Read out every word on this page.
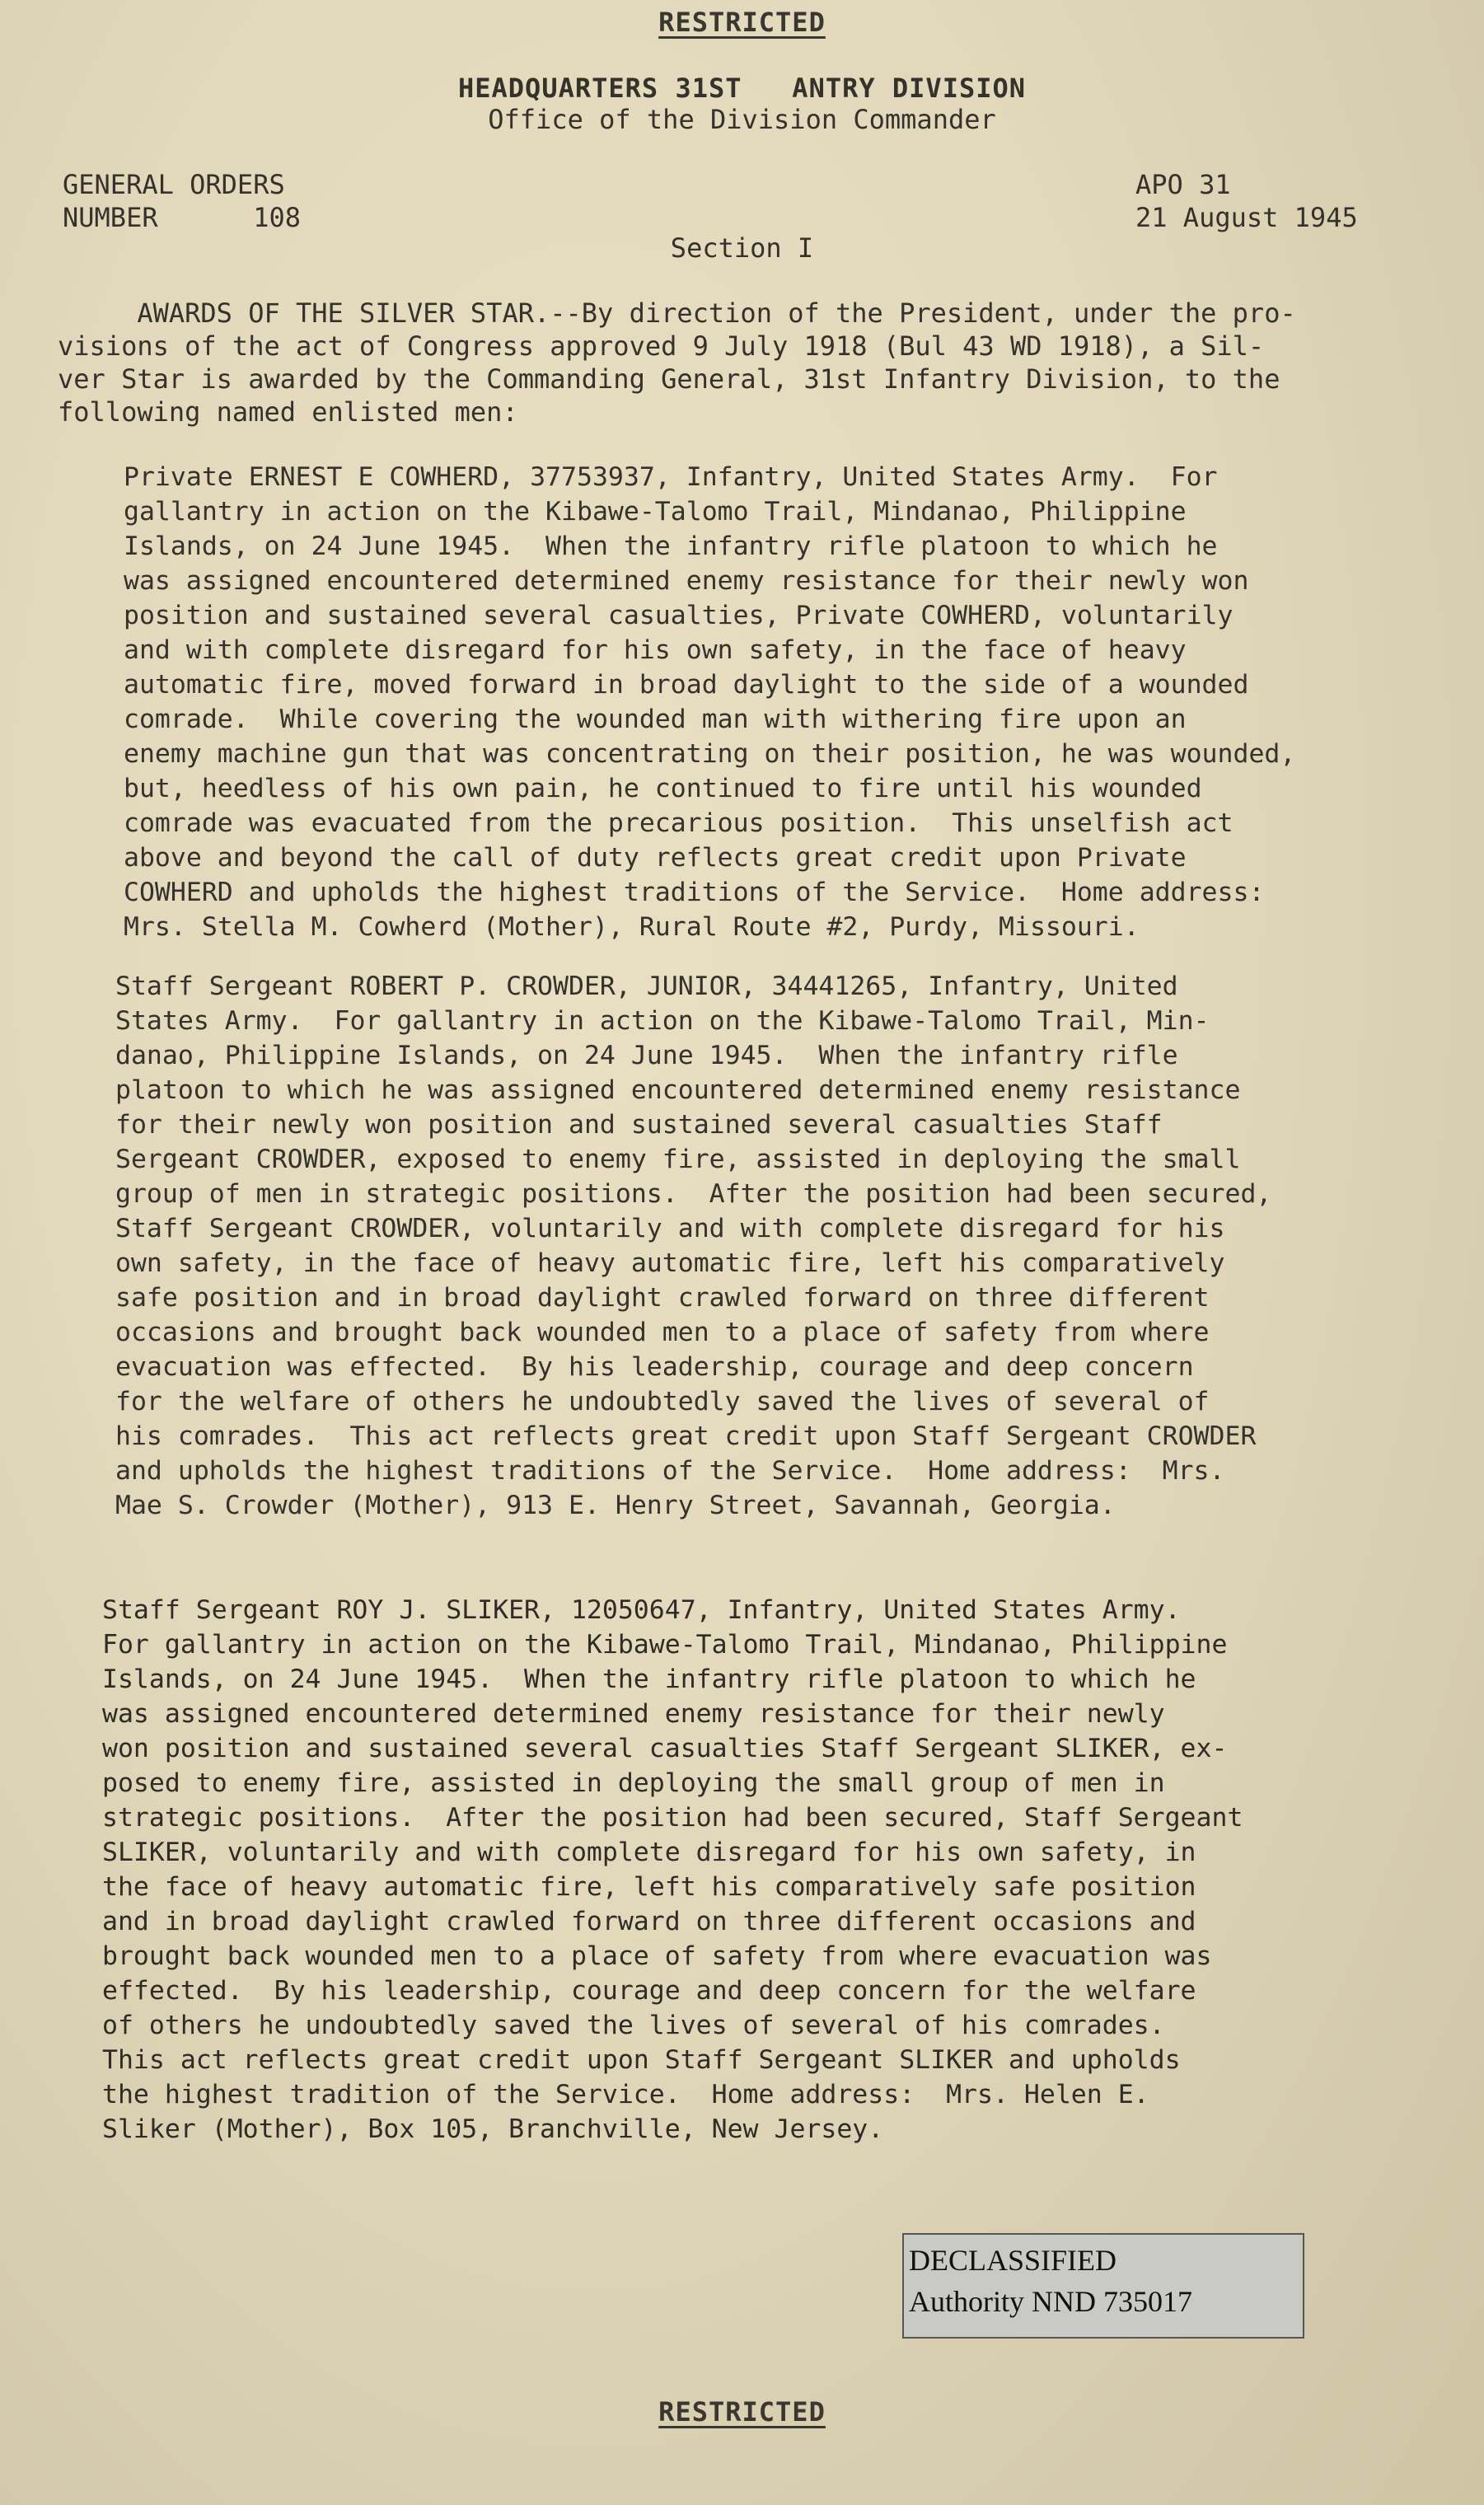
RESTRICTED
HEADQUARTERS 31ST   ANTRY DIVISION
Office of the Division Commander
GENERAL ORDERS
NUMBER      108
APO 31
21 August 1945
Section I
AWARDS OF THE SILVER STAR.--By direction of the President, under the pro-
visions of the act of Congress approved 9 July 1918 (Bul 43 WD 1918), a Sil-
ver Star is awarded by the Commanding General, 31st Infantry Division, to the
following named enlisted men:
Private ERNEST E COWHERD, 37753937, Infantry, United States Army.  For
gallantry in action on the Kibawe-Talomo Trail, Mindanao, Philippine
Islands, on 24 June 1945.  When the infantry rifle platoon to which he
was assigned encountered determined enemy resistance for their newly won
position and sustained several casualties, Private COWHERD, voluntarily
and with complete disregard for his own safety, in the face of heavy
automatic fire, moved forward in broad daylight to the side of a wounded
comrade.  While covering the wounded man with withering fire upon an
enemy machine gun that was concentrating on their position, he was wounded,
but, heedless of his own pain, he continued to fire until his wounded
comrade was evacuated from the precarious position.  This unselfish act
above and beyond the call of duty reflects great credit upon Private
COWHERD and upholds the highest traditions of the Service.  Home address:
Mrs. Stella M. Cowherd (Mother), Rural Route #2, Purdy, Missouri.
Staff Sergeant ROBERT P. CROWDER, JUNIOR, 34441265, Infantry, United
States Army.  For gallantry in action on the Kibawe-Talomo Trail, Min-
danao, Philippine Islands, on 24 June 1945.  When the infantry rifle
platoon to which he was assigned encountered determined enemy resistance
for their newly won position and sustained several casualties Staff
Sergeant CROWDER, exposed to enemy fire, assisted in deploying the small
group of men in strategic positions.  After the position had been secured,
Staff Sergeant CROWDER, voluntarily and with complete disregard for his
own safety, in the face of heavy automatic fire, left his comparatively
safe position and in broad daylight crawled forward on three different
occasions and brought back wounded men to a place of safety from where
evacuation was effected.  By his leadership, courage and deep concern
for the welfare of others he undoubtedly saved the lives of several of
his comrades.  This act reflects great credit upon Staff Sergeant CROWDER
and upholds the highest traditions of the Service.  Home address:  Mrs.
Mae S. Crowder (Mother), 913 E. Henry Street, Savannah, Georgia.
Staff Sergeant ROY J. SLIKER, 12050647, Infantry, United States Army.
For gallantry in action on the Kibawe-Talomo Trail, Mindanao, Philippine
Islands, on 24 June 1945.  When the infantry rifle platoon to which he
was assigned encountered determined enemy resistance for their newly
won position and sustained several casualties Staff Sergeant SLIKER, ex-
posed to enemy fire, assisted in deploying the small group of men in
strategic positions.  After the position had been secured, Staff Sergeant
SLIKER, voluntarily and with complete disregard for his own safety, in
the face of heavy automatic fire, left his comparatively safe position
and in broad daylight crawled forward on three different occasions and
brought back wounded men to a place of safety from where evacuation was
effected.  By his leadership, courage and deep concern for the welfare
of others he undoubtedly saved the lives of several of his comrades.
This act reflects great credit upon Staff Sergeant SLIKER and upholds
the highest tradition of the Service.  Home address:  Mrs. Helen E.
Sliker (Mother), Box 105, Branchville, New Jersey.
DECLASSIFIED
Authority NND 735017
RESTRICTED
